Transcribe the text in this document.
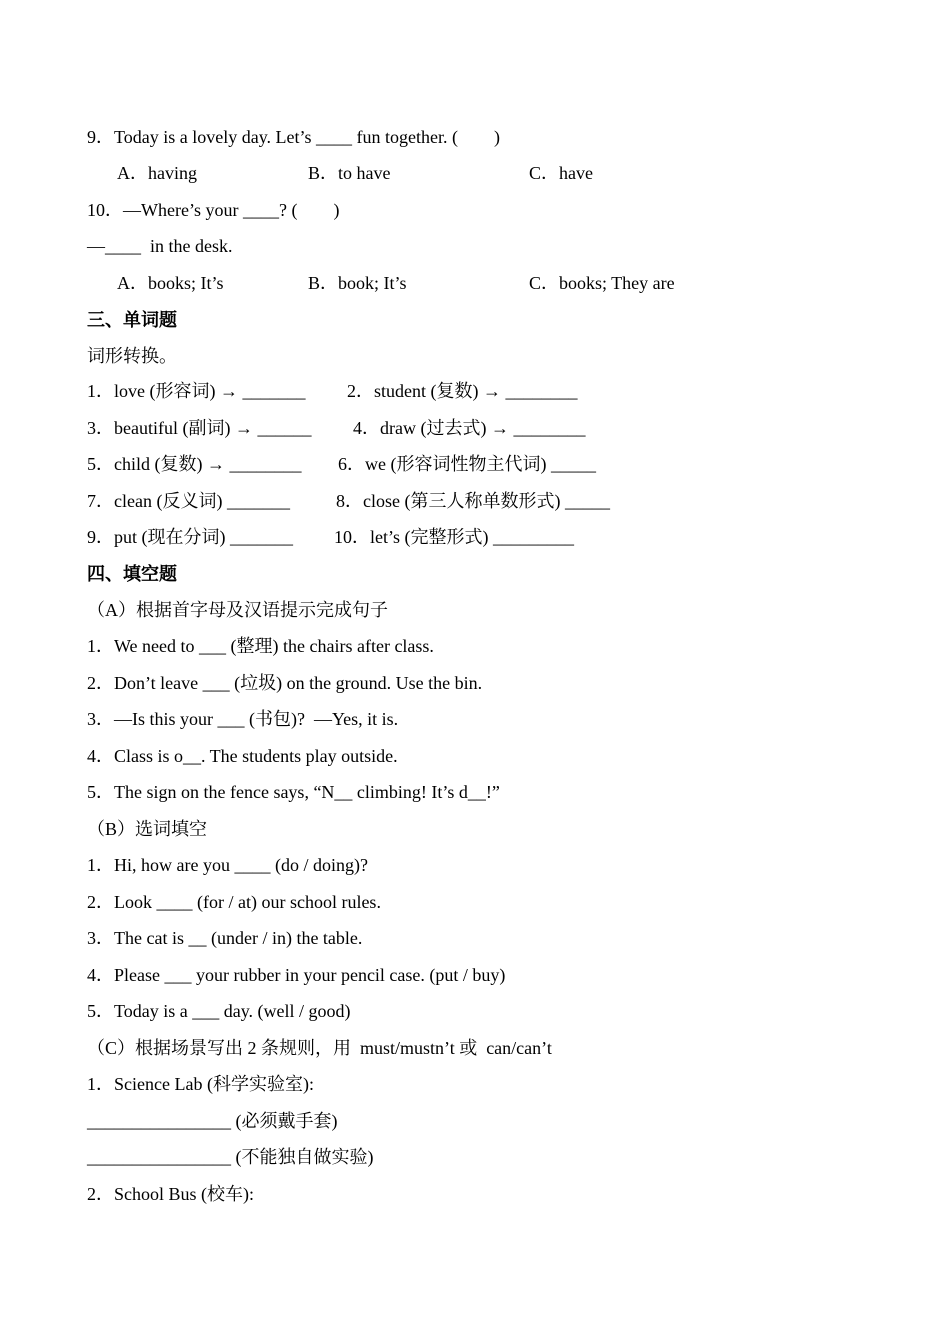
9．Today is a lovely day. Let’s ____ fun together. (　　)
A．having	B．to have	C．have
10．—Where’s your ____? (　　)
—____  in the desk.
A．books; It’s	B．book; It’s	C．books; They are
三、单词题
词形转换。
1．love (形容词) → _______ 2．student (复数) → ________
3．beautiful (副词) → ______ 4．draw (过去式) → ________
5．child (复数) → ________ 6．we (形容词性物主代词) _____
7．clean (反义词) _______	8．close (第三人称单数形式) _____
9．put (现在分词) _______ 10．let’s (完整形式) _________
四、填空题
（A）根据首字母及汉语提示完成句子
1．We need to ___ (整理) the chairs after class.
2．Don’t leave ___ (垃圾) on the ground. Use the bin.
3．—Is this your ___ (书包)?  —Yes, it is.
4．Class is o__. The students play outside.
5．The sign on the fence says, “N__ climbing! It’s d__!”
（B）选词填空
1．Hi, how are you ____ (do / doing)?
2．Look ____ (for / at) our school rules.
3．The cat is __ (under / in) the table.
4．Please ___ your rubber in your pencil case. (put / buy)
5．Today is a ___ day. (well / good)
（C）根据场景写出 2 条规则，用  must/mustn’t 或  can/can’t
1．Science Lab (科学实验室):
________________ (必须戴手套)
________________ (不能独自做实验)
2．School Bus (校车):
